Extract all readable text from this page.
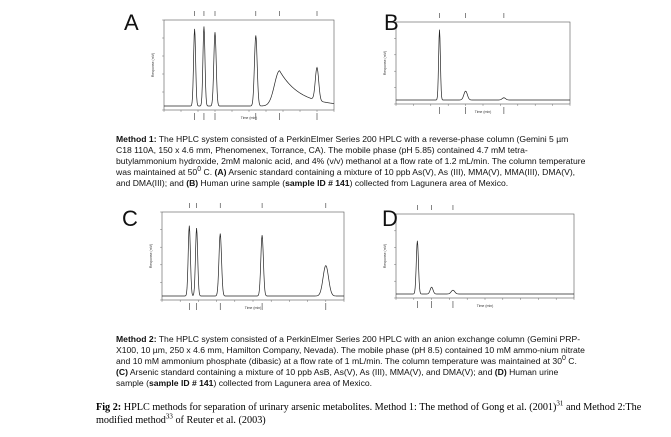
Response (mV)
Time (min)
A
Response (mV)
Time (min)
B
Method 1: The HPLC system consisted of a PerkinElmer Series 200 HPLC with a reverse-phase column (Gemini 5 µm C18 110A, 150 x 4.6 mm, Phenomenex, Torrance, CA). The mobile phase (pH 5.85) contained 4.7 mM tetra-butylammonium hydroxide, 2mM malonic acid, and 4% (v/v) methanol at a flow rate of 1.2 mL/min. The column temperature was maintained at $50^0$ C. (A) Arsenic standard containing a mixture of 10 ppb As(V), As (III), MMA(V), MMA(III), DMA(V), and DMA(III); and (B) Human urine sample (sample ID # 141) collected from Lagunera area of Mexico.
Response (mV)
Time (min)
C
Response (mV)
Time (min)
D
Method 2: The HPLC system consisted of a PerkinElmer Series 200 HPLC with an anion exchange column (Gemini PRP-X100, 10 µm, 250 x 4.6 mm, Hamilton Company, Nevada). The mobile phase (pH 8.5) contained 10 mM ammo-nium nitrate and 10 mM ammonium phosphate (dibasic) at a flow rate of 1 mL/min. The column temperature was maintained at $30^0$ C. (C) Arsenic standard containing a mixture of 10 ppb AsB, As(V), As (III), MMA(V), and DMA(V); and (D) Human urine sample (sample ID # 141) collected from Lagunera area of Mexico.
Fig 2: HPLC methods for separation of urinary arsenic metabolites. Method 1: The method of Gong et al. $(2001)^{31}$ and Method 2:The modified method$^{33}$ of Reuter et al. (2003)
